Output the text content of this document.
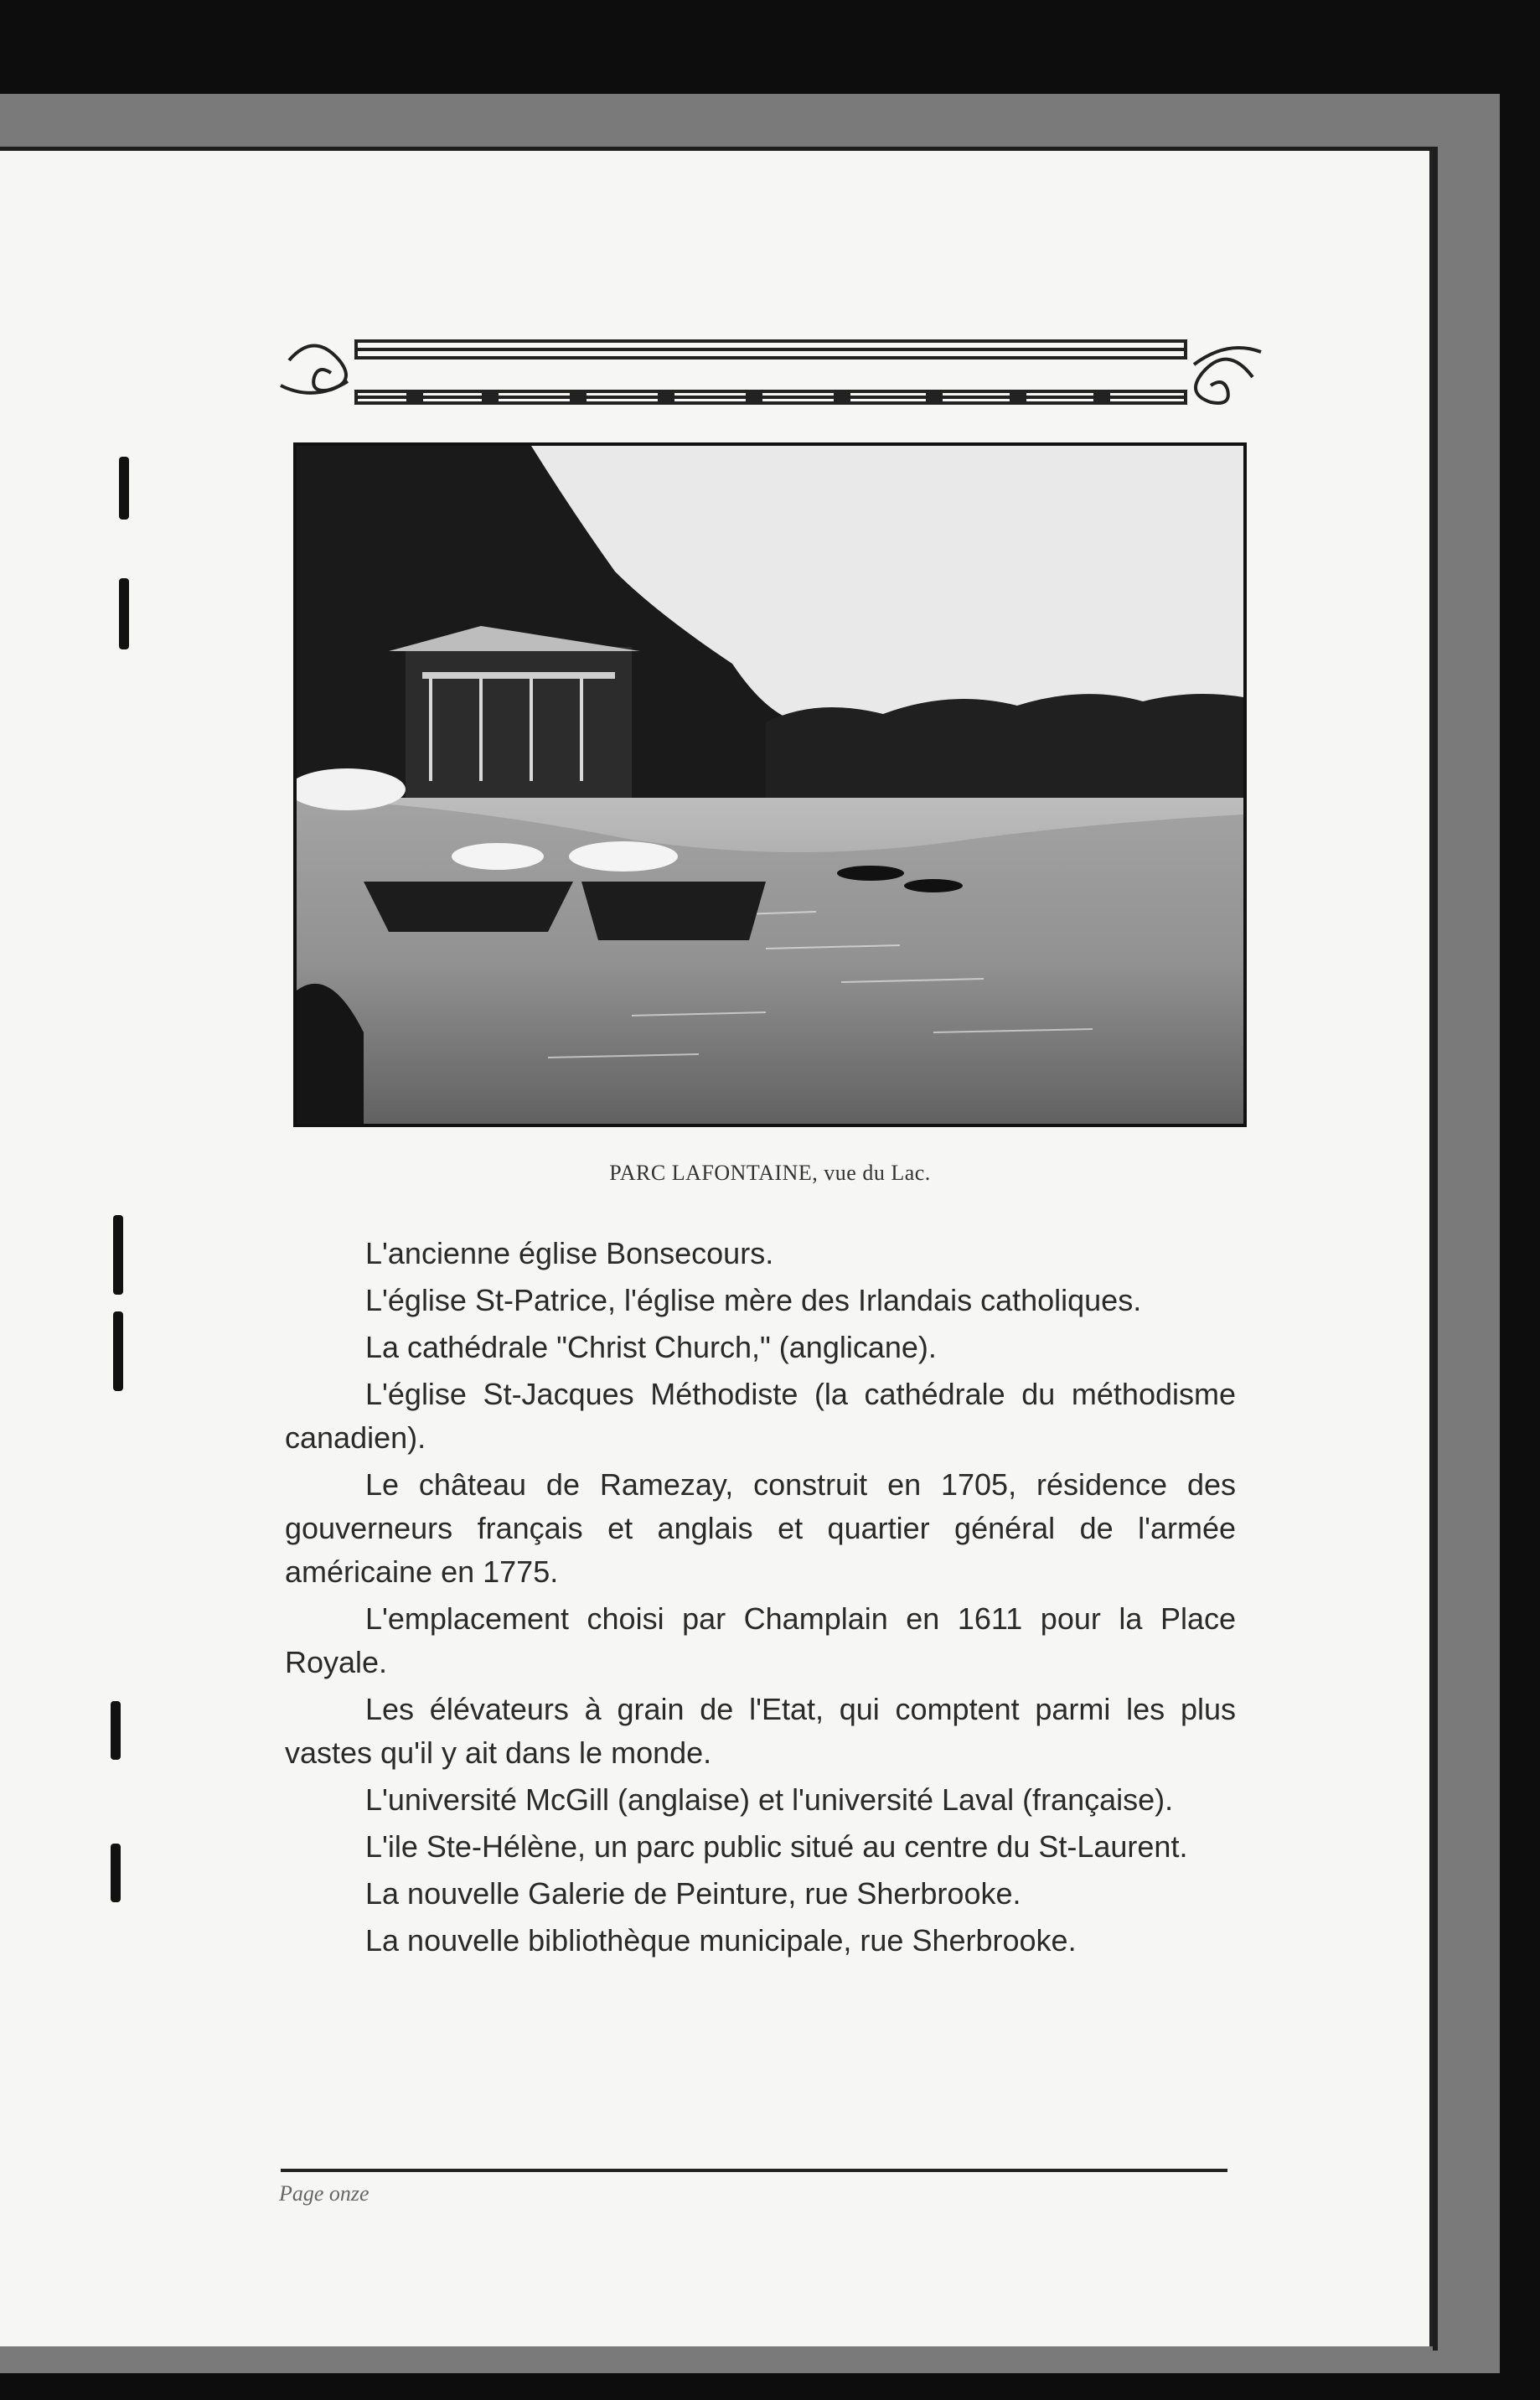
PARC LAFONTAINE, vue du Lac.

L'ancienne église Bonsecours.

L'église St-Patrice, l'église mère des Irlandais catholiques.

La cathédrale "Christ Church," (anglicane).

L'église St-Jacques Méthodiste (la cathédrale du méthodisme canadien).

Le château de Ramezay, construit en 1705, résidence des gouverneurs français et anglais et quartier général de l'armée américaine en 1775.

L'emplacement choisi par Champlain en 1611 pour la Place Royale.

Les élévateurs à grain de l'Etat, qui comptent parmi les plus vastes qu'il y ait dans le monde.

L'université McGill (anglaise) et l'université Laval (française).

L'ile Ste-Hélène, un parc public situé au centre du St-Laurent.

La nouvelle Galerie de Peinture, rue Sherbrooke.

La nouvelle bibliothèque municipale, rue Sherbrooke.

Page onze
